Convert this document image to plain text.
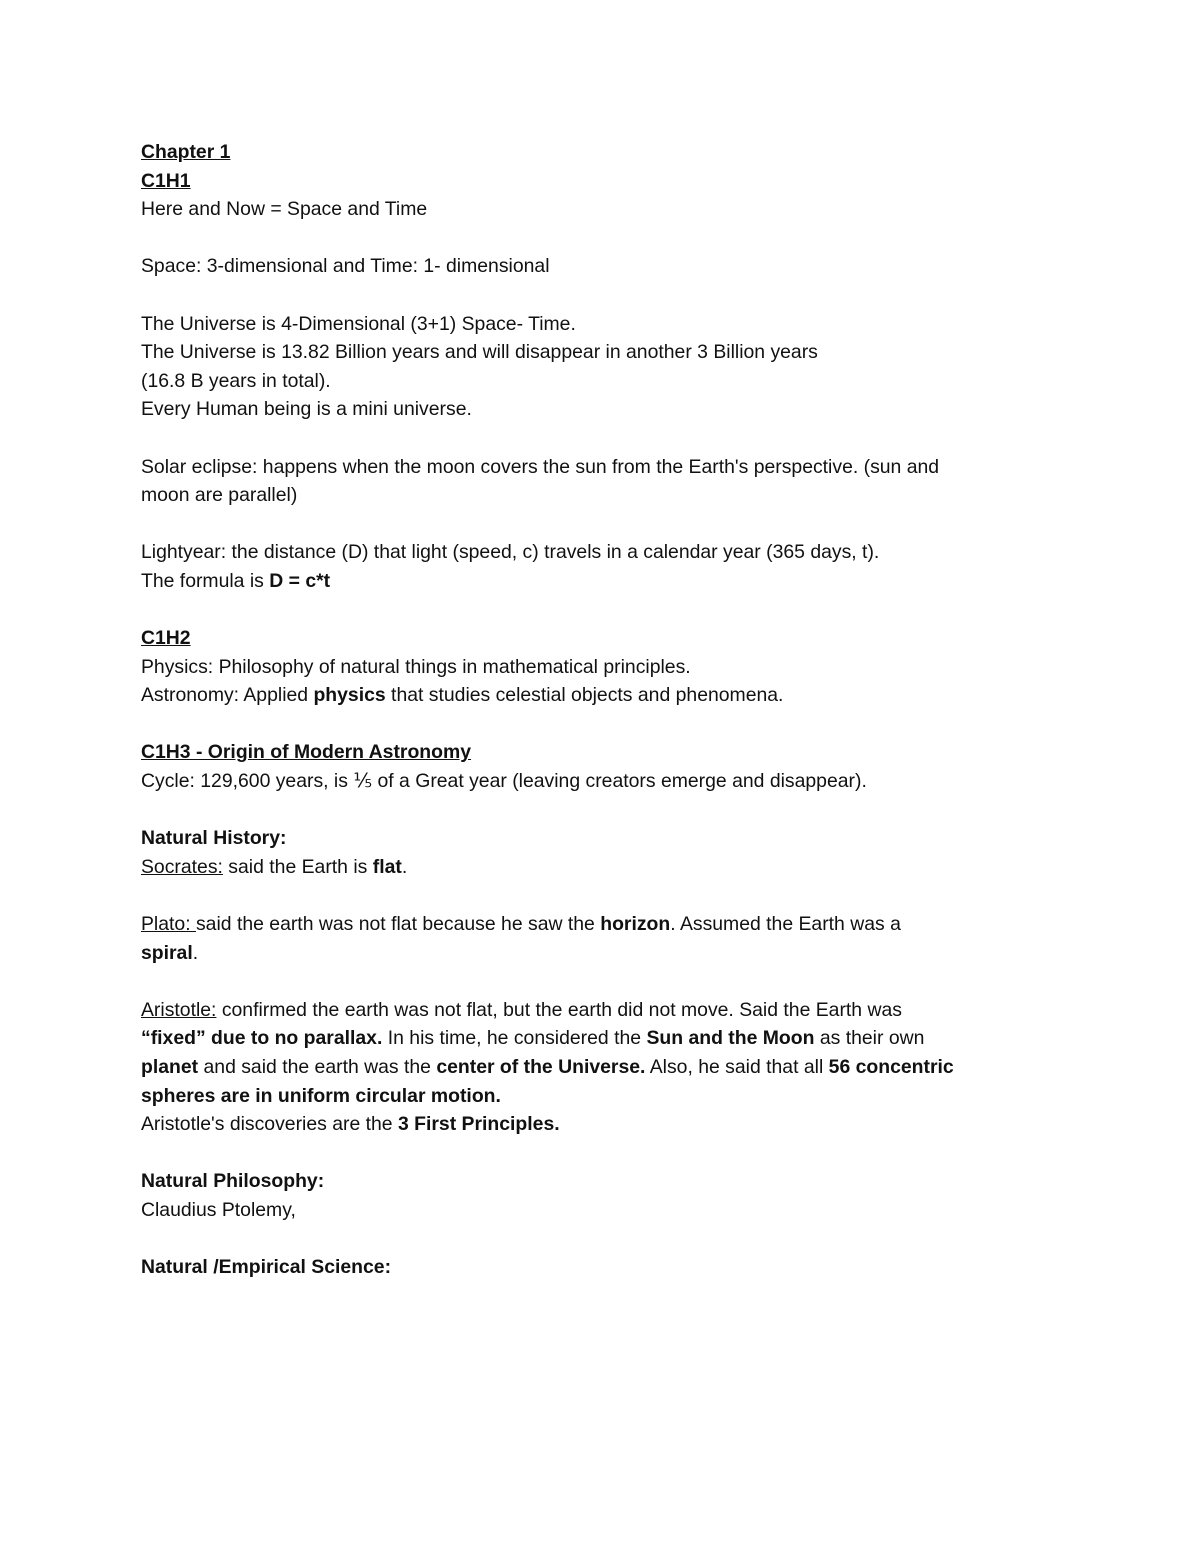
Chapter 1

C1H1

Here and Now = Space and Time

Space: 3-dimensional and Time: 1- dimensional

The Universe is 4-Dimensional (3+1) Space- Time.

The Universe is 13.82 Billion years and will disappear in another 3 Billion years

(16.8 B years in total).

Every Human being is a mini universe.

Solar eclipse: happens when the moon covers the sun from the Earth's perspective. (sun and

moon are parallel)

Lightyear: the distance (D) that light (speed, c) travels in a calendar year (365 days, t).

The formula is D = c*t

C1H2

Physics: Philosophy of natural things in mathematical principles.

Astronomy: Applied physics that studies celestial objects and phenomena.

C1H3 - Origin of Modern Astronomy

Cycle: 129,600 years, is ⅕ of a Great year (leaving creators emerge and disappear).

Natural History:

Socrates: said the Earth is flat.

Plato: said the earth was not flat because he saw the horizon. Assumed the Earth was a

spiral.

Aristotle: confirmed the earth was not flat, but the earth did not move. Said the Earth was

“fixed” due to no parallax. In his time, he considered the Sun and the Moon as their own

planet and said the earth was the center of the Universe. Also, he said that all 56 concentric

spheres are in uniform circular motion.

Aristotle's discoveries are the 3 First Principles.

Natural Philosophy:

Claudius Ptolemy,

Natural /Empirical Science:
